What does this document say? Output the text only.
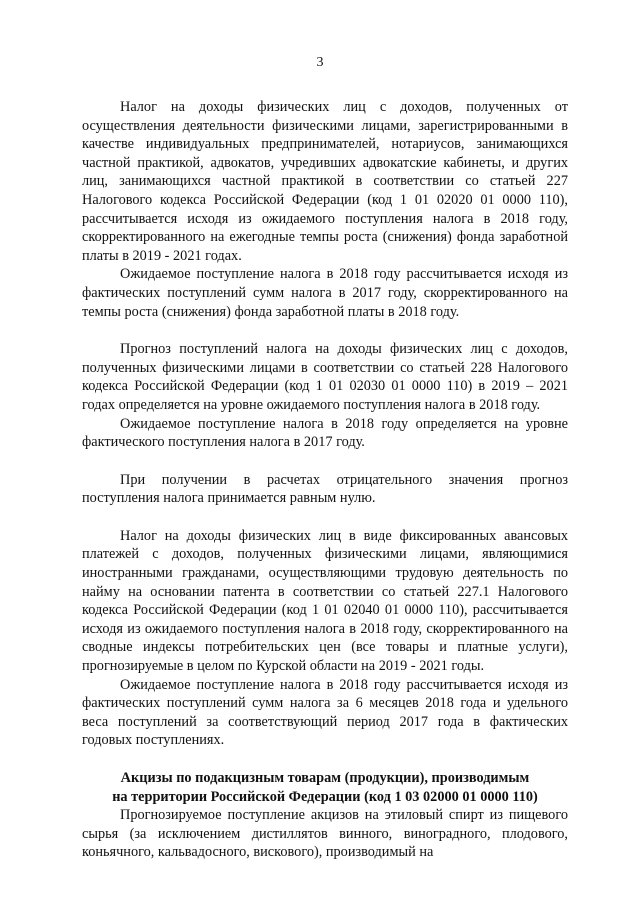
3

Налог на доходы физических лиц с доходов, полученных от осуществления деятельности физическими лицами, зарегистрированными в качестве индивидуальных предпринимателей, нотариусов, занимающихся частной практикой, адвокатов, учредивших адвокатские кабинеты, и других лиц, занимающихся частной практикой в соответствии со статьей 227 Налогового кодекса Российской Федерации (код 1 01 02020 01 0000 110), рассчитывается исходя из ожидаемого поступления налога в 2018 году, скорректированного на ежегодные темпы роста (снижения) фонда заработной платы в 2019 - 2021 годах.

Ожидаемое поступление налога в 2018 году рассчитывается исходя из фактических поступлений сумм налога в 2017 году, скорректированного на темпы роста (снижения) фонда заработной платы в 2018 году.

Прогноз поступлений налога на доходы физических лиц с доходов, полученных физическими лицами в соответствии со статьей 228 Налогового кодекса Российской Федерации (код 1 01 02030 01 0000 110) в 2019 – 2021 годах определяется на уровне ожидаемого поступления налога в 2018 году.

Ожидаемое поступление налога в 2018 году определяется на уровне фактического поступления налога в 2017 году.

При получении в расчетах отрицательного значения прогноз поступления налога принимается равным нулю.

Налог на доходы физических лиц в виде фиксированных авансовых платежей с доходов, полученных физическими лицами, являющимися иностранными гражданами, осуществляющими трудовую деятельность по найму на основании патента в соответствии со статьей 227.1 Налогового кодекса Российской Федерации (код 1 01 02040 01 0000 110), рассчитывается исходя из ожидаемого поступления налога в 2018 году, скорректированного на сводные индексы потребительских цен (все товары и платные услуги), прогнозируемые в целом по Курской области на 2019 - 2021 годы.

Ожидаемое поступление налога в 2018 году рассчитывается исходя из фактических поступлений сумм налога за 6 месяцев 2018 года и удельного веса поступлений за соответствующий период 2017 года в фактических годовых поступлениях.

Акцизы по подакцизным товарам (продукции), производимым
на территории Российской Федерации (код 1 03 02000 01 0000 110)

Прогнозируемое поступление акцизов на этиловый спирт из пищевого сырья (за исключением дистиллятов винного, виноградного, плодового, коньячного, кальвадосного, вискового), производимый на
